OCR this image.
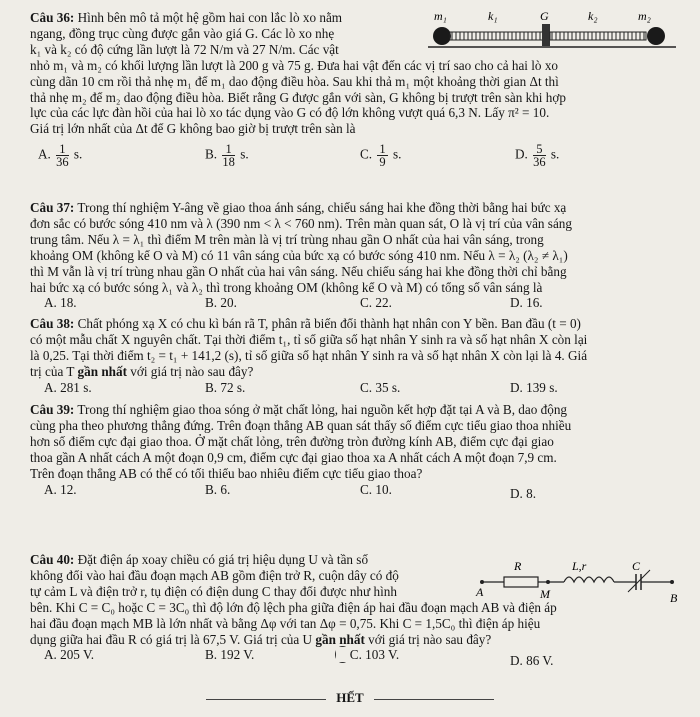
Câu 36: Hình bên mô tả một hệ gồm hai con lắc lò xo nằm
ngang, đồng trục cùng được gắn vào giá G. Các lò xo nhẹ
k₁ và k₂ có độ cứng lần lượt là 72 N/m và 27 N/m. Các vật
nhỏ m₁ và m₂ có khối lượng lần lượt là 200 g và 75 g. Đưa hai vật đến các vị trí sao cho cả hai lò xo
cùng dãn 10 cm rồi thả nhẹ m₁ để m₁ dao động điều hòa. Sau khi thả m₁ một khoảng thời gian Δt thì
thả nhẹ m₂ để m₂ dao động điều hòa. Biết rằng G được gắn với sàn, G không bị trượt trên sàn khi hợp
lực của các lực đàn hồi của hai lò xo tác dụng vào G có độ lớn không vượt quá 6,3 N. Lấy π² = 10.
Giá trị lớn nhất của Δt để G không bao giờ bị trượt trên sàn là
A. $\frac{1}{36} s$.	B. $\frac{1}{18} s$.	C. $\frac{1}{9} s$.	D. $\frac{5}{36} s$.
m₁	k₁	G	k₂	m₂
Câu 37: Trong thí nghiệm Y-âng về giao thoa ánh sáng, chiếu sáng hai khe đồng thời bằng hai bức xạ
đơn sắc có bước sóng 410 nm và λ (390 nm < λ < 760 nm). Trên màn quan sát, O là vị trí của vân sáng
trung tâm. Nếu λ = λ₁ thì điểm M trên màn là vị trí trùng nhau gần O nhất của hai vân sáng, trong
khoảng OM (không kể O và M) có 11 vân sáng của bức xạ có bước sóng 410 nm. Nếu λ = λ₂ (λ₂ ≠ λ₁)
thì M vẫn là vị trí trùng nhau gần O nhất của hai vân sáng. Nếu chiếu sáng hai khe đồng thời chỉ bằng
hai bức xạ có bước sóng λ₁ và λ₂ thì trong khoảng OM (không kể O và M) có tổng số vân sáng là
A. 18.	B. 20.	C. 22.	D. 16.
Câu 38: Chất phóng xạ X có chu kì bán rã T, phân rã biến đổi thành hạt nhân con Y bền. Ban đầu (t = 0)
có một mẫu chất X nguyên chất. Tại thời điểm t₁, tỉ số giữa số hạt nhân Y sinh ra và số hạt nhân X còn lại
là 0,25. Tại thời điểm t₂ = t₁ + 141,2 (s), tỉ số giữa số hạt nhân Y sinh ra và số hạt nhân X còn lại là 4. Giá
trị của T gần nhất với giá trị nào sau đây?
A. 281 s.	B. 72 s.	C. 35 s.	D. 139 s.
Câu 39: Trong thí nghiệm giao thoa sóng ở mặt chất lỏng, hai nguồn kết hợp đặt tại A và B, dao động
cùng pha theo phương thẳng đứng. Trên đoạn thẳng AB quan sát thấy số điểm cực tiểu giao thoa nhiều
hơn số điểm cực đại giao thoa. Ở mặt chất lỏng, trên đường tròn đường kính AB, điểm cực đại giao
thoa gần A nhất cách A một đoạn 0,9 cm, điểm cực đại giao thoa xa A nhất cách A một đoạn 7,9 cm.
Trên đoạn thẳng AB có thể có tối thiểu bao nhiêu điểm cực tiểu giao thoa?
A. 12.	B. 6.	C. 10.	D. 8.
Câu 40: Đặt điện áp xoay chiều có giá trị hiệu dụng U và tần số
không đổi vào hai đầu đoạn mạch AB gồm điện trở R, cuộn dây có độ
tự cảm L và điện trở r, tụ điện có điện dung C thay đổi được như hình
bên. Khi C = C₀ hoặc C = 3C₀ thì độ lớn độ lệch pha giữa điện áp hai đầu đoạn mạch AB và điện áp
hai đầu đoạn mạch MB là lớn nhất và bằng Δφ với tan Δφ = 0,75. Khi C = 1,5C₀ thì điện áp hiệu
dụng giữa hai đầu R có giá trị là 67,5 V. Giá trị của U gần nhất với giá trị nào sau đây?
A. 205 V.	B. 192 V.	C. 103 V.	D. 86 V.
R	L,r	C
A	M	B
HẾT
